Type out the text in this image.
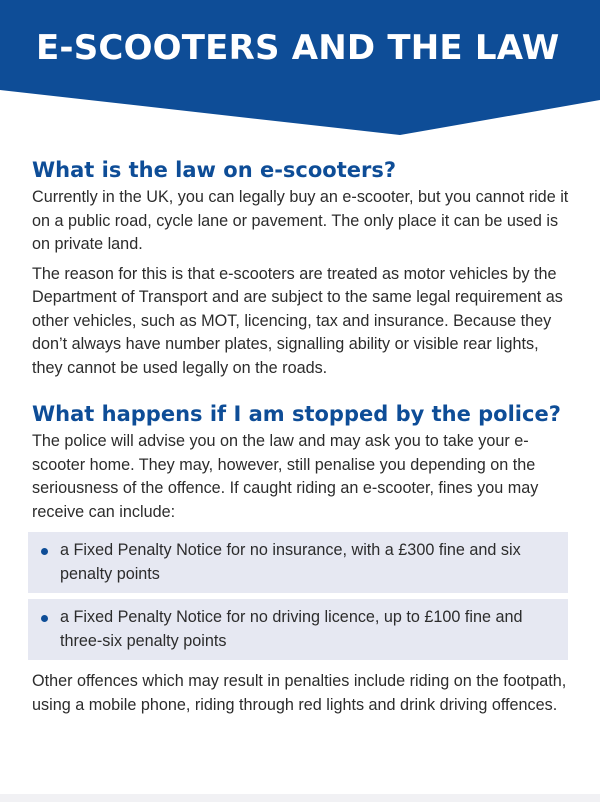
E-SCOOTERS AND THE LAW
What is the law on e-scooters?

Currently in the UK, you can legally buy an e-scooter, but you cannot ride it on a public road, cycle lane or pavement. The only place it can be used is on private land.

The reason for this is that e-scooters are treated as motor vehicles by the Department of Transport and are subject to the same legal requirement as other vehicles, such as MOT, licencing, tax and insurance. Because they don’t always have number plates, signalling ability or visible rear lights, they cannot be used legally on the roads.

What happens if I am stopped by the police?

The police will advise you on the law and may ask you to take your e-scooter home. They may, however, still penalise you depending on the seriousness of the offence. If caught riding an e-scooter, fines you may receive can include:

a Fixed Penalty Notice for no insurance, with a £300 fine and six penalty points
a Fixed Penalty Notice for no driving licence, up to £100 fine and three-six penalty points

Other offences which may result in penalties include riding on the footpath, using a mobile phone, riding through red lights and drink driving offences.
